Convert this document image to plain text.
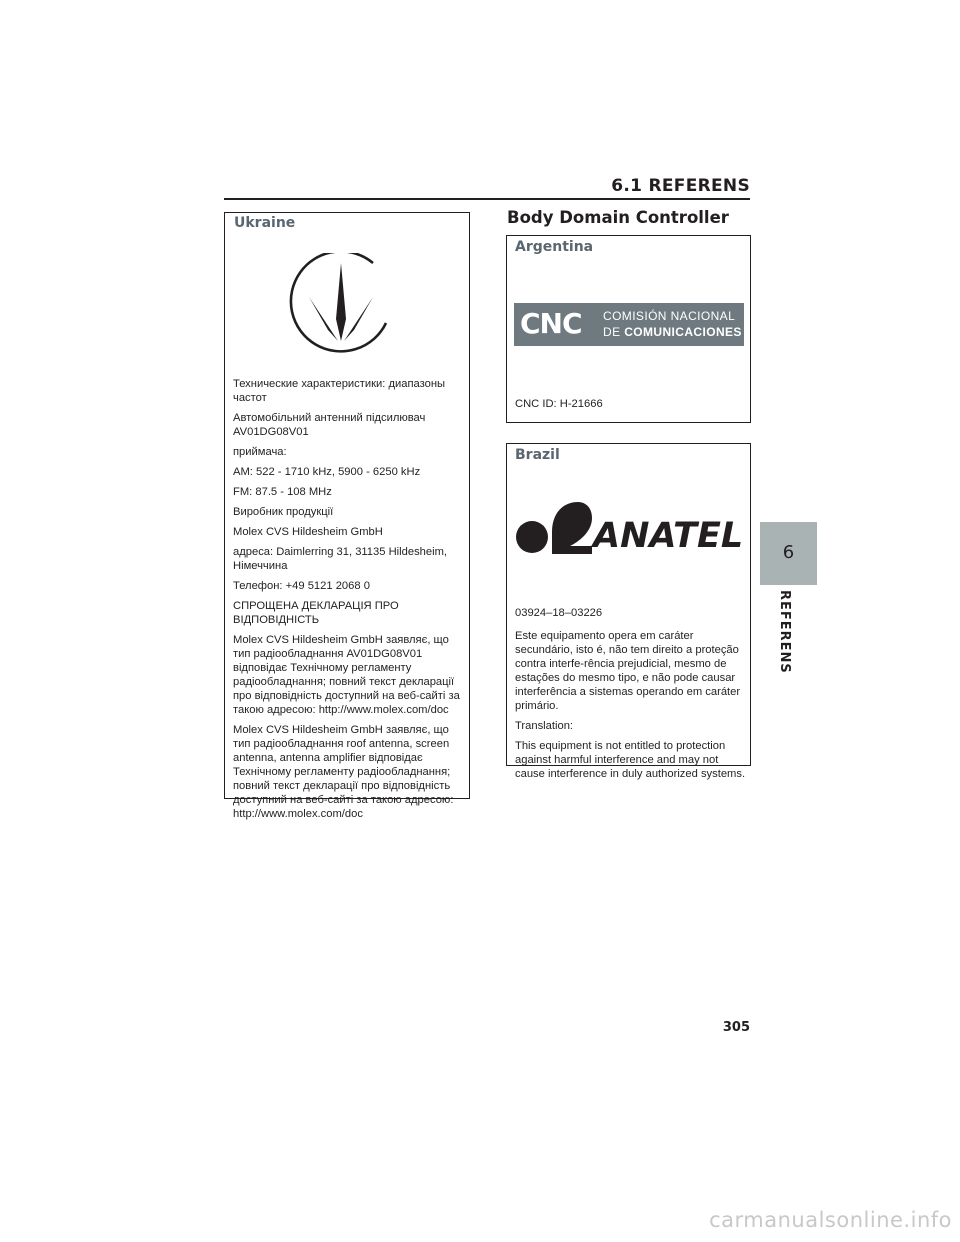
6.1 REFERENS
Ukraine

Технические характеристики: диапазоны частот

Автомобільний антенний підсилювач AV01DG08V01

приймача:

AM: 522 - 1710 kHz, 5900 - 6250 kHz

FM: 87.5 - 108 MHz

Виробник продукції

Molex CVS Hildesheim GmbH

адреса: Daimlerring 31, 31135 Hildesheim, Німеччина

Телефон: +49 5121 2068 0

СПРОЩЕНА ДЕКЛАРАЦІЯ ПРО ВІДПОВІДНІСТЬ

Molex CVS Hildesheim GmbH заявляє, що тип радіообладнання AV01DG08V01 відповідає Технічному регламенту радіообладнання; повний текст декларації про відповідність доступний на веб-сайті за такою адресою: http://www.molex.com/doc

Molex CVS Hildesheim GmbH заявляє, що тип радіообладнання roof antenna, screen antenna, antenna amplifier відповідає Технічному регламенту радіообладнання; повний текст декларації про відповідність доступний на веб-сайті за такою адресою: http://www.molex.com/doc

Body Domain Controller
Argentina
CNC COMISIÓN NACIONAL
DE COMUNICACIONES
CNC ID: H-21666
Brazil
ANATEL

03924–18–03226

Este equipamento opera em caráter secundário, isto é, não tem direito a proteção contra interfe-rência prejudicial, mesmo de estações do mesmo tipo, e não pode causar interferência a sistemas operando em caráter primário.

Translation:

This equipment is not entitled to protection against harmful interference and may not cause interference in duly authorized systems.

6
REFERENS
305
carmanualsonline.info
